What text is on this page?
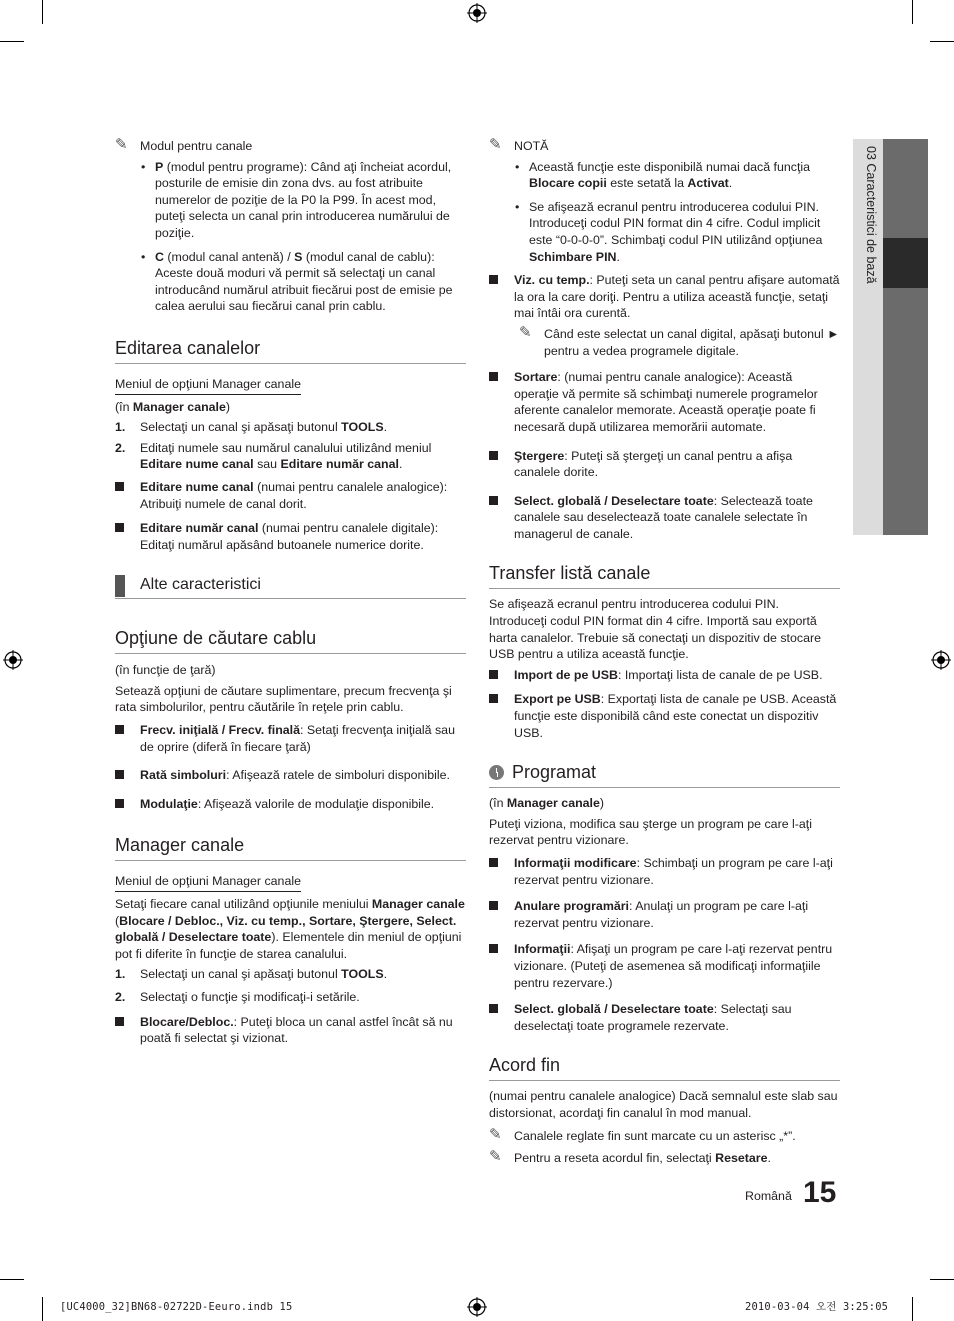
03 Caracteristici de bază
✎ Modul pentru canale
• P (modul pentru programe): Când aţi încheiat acordul, posturile de emisie din zona dvs. au fost atribuite numerelor de poziţie de la P0 la P99. În acest mod, puteţi selecta un canal prin introducerea numărului de poziţie.
• C (modul canal antenă) / S (modul canal de cablu): Aceste două moduri vă permit să selectaţi un canal introducând numărul atribuit fiecărui post de emisie pe calea aerului sau fiecărui canal prin cablu.
Editarea canalelor
Meniul de opţiuni Manager canale

(în Manager canale)

1. Selectaţi un canal şi apăsaţi butonul TOOLS.
2. Editaţi numele sau numărul canalului utilizând meniul Editare nume canal sau Editare număr canal.
Editare nume canal (numai pentru canalele analogice): Atribuiţi numele de canal dorit.
Editare număr canal (numai pentru canalele digitale): Editaţi numărul apăsând butoanele numerice dorite.
Alte caracteristici
Opţiune de căutare cablu

(în funcţie de ţară)

Setează opţiuni de căutare suplimentare, precum frecvenţa şi rata simbolurilor, pentru căutările în reţele prin cablu.

Frecv. iniţială / Frecv. finală: Setaţi frecvenţa iniţială sau de oprire (diferă în fiecare ţară)
Rată simboluri: Afişează ratele de simboluri disponibile.
Modulaţie: Afişează valorile de modulaţie disponibile.
Manager canale
Meniul de opţiuni Manager canale

Setaţi fiecare canal utilizând opţiunile meniului Manager canale (Blocare / Debloc., Viz. cu temp., Sortare, Ştergere, Select. globală / Deselectare toate). Elementele din meniul de opţiuni pot fi diferite în funcţie de starea canalului.

1. Selectaţi un canal şi apăsaţi butonul TOOLS.
2. Selectaţi o funcţie şi modificaţi-i setările.
Blocare/Debloc.: Puteţi bloca un canal astfel încât să nu poată fi selectat şi vizionat.
✎ NOTĂ
• Această funcţie este disponibilă numai dacă funcţia Blocare copii este setată la Activat.
• Se afişează ecranul pentru introducerea codului PIN. Introduceţi codul PIN format din 4 cifre. Codul implicit este “0-0-0-0”. Schimbaţi codul PIN utilizând opţiunea Schimbare PIN.
Viz. cu temp.: Puteţi seta un canal pentru afişare automată la ora la care doriţi. Pentru a utiliza această funcţie, setaţi mai întâi ora curentă.
✎ Când este selectat un canal digital, apăsaţi butonul ► pentru a vedea programele digitale.
Sortare: (numai pentru canale analogice): Această operaţie vă permite să schimbaţi numerele programelor aferente canalelor memorate. Această operaţie poate fi necesară după utilizarea memorării automate.
Ştergere: Puteţi să ştergeţi un canal pentru a afişa canalele dorite.
Select. globală / Deselectare toate: Selectează toate canalele sau deselectează toate canalele selectate în managerul de canale.
Transfer listă canale

Se afişează ecranul pentru introducerea codului PIN. Introduceţi codul PIN format din 4 cifre. Importă sau exportă harta canalelor. Trebuie să conectaţi un dispozitiv de stocare USB pentru a utiliza această funcţie.

Import de pe USB: Importaţi lista de canale de pe USB.
Export pe USB: Exportaţi lista de canale pe USB. Această funcţie este disponibilă când este conectat un dispozitiv USB.
Programat

(în Manager canale)

Puteţi viziona, modifica sau şterge un program pe care l-aţi rezervat pentru vizionare.

Informaţii modificare: Schimbaţi un program pe care l-aţi rezervat pentru vizionare.
Anulare programări: Anulaţi un program pe care l-aţi rezervat pentru vizionare.
Informaţii: Afişaţi un program pe care l-aţi rezervat pentru vizionare. (Puteţi de asemenea să modificaţi informaţiile pentru rezervare.)
Select. globală / Deselectare toate: Selectaţi sau deselectaţi toate programele rezervate.
Acord fin

(numai pentru canalele analogice) Dacă semnalul este slab sau distorsionat, acordaţi fin canalul în mod manual.

✎ Canalele reglate fin sunt marcate cu un asterisc „*”.
✎ Pentru a reseta acordul fin, selectaţi Resetare.
Română 15
[UC4000_32]BN68-02722D-Eeuro.indb 15	2010-03-04 오전 3:25:05
